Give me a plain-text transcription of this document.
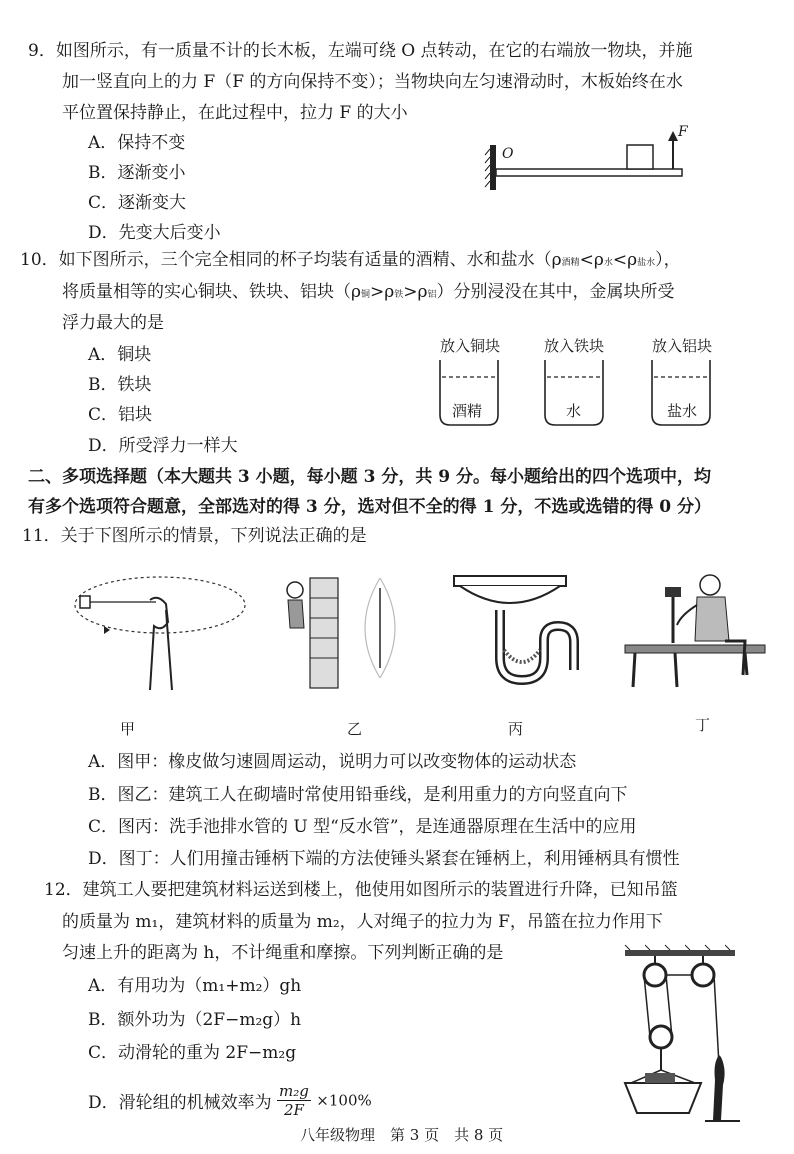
9．如图所示，有一质量不计的长木板，左端可绕 O 点转动，在它的右端放一物块，并施
加一竖直向上的力 F（F 的方向保持不变）；当物块向左匀速滑动时，木板始终在水
平位置保持静止，在此过程中，拉力 F 的大小
A．保持不变
B．逐渐变小
C．逐渐变大
D．先变大后变小
O
F
10．如下图所示，三个完全相同的杯子均装有适量的酒精、水和盐水（ρ酒精<ρ水<ρ盐水），
将质量相等的实心铜块、铁块、铝块（ρ铜>ρ铁>ρ铝）分别浸没在其中，金属块所受
浮力最大的是
A．铜块
B．铁块
C．铝块
D．所受浮力一样大
放入铜块	放入铁块	放入铝块
酒精	水	盐水
二、多项选择题（本大题共 3 小题，每小题 3 分，共 9 分。每小题给出的四个选项中，均
有多个选项符合题意，全部选对的得 3 分，选对但不全的得 1 分，不选或选错的得 0 分）
11．关于下图所示的情景，下列说法正确的是
甲	乙	丙	丁
A．图甲：橡皮做匀速圆周运动，说明力可以改变物体的运动状态
B．图乙：建筑工人在砌墙时常使用铅垂线，是利用重力的方向竖直向下
C．图丙：洗手池排水管的 U 型“反水管”，是连通器原理在生活中的应用
D．图丁：人们用撞击锤柄下端的方法使锤头紧套在锤柄上，利用锤柄具有惯性
12．建筑工人要把建筑材料运送到楼上，他使用如图所示的装置进行升降，已知吊篮
的质量为 m₁，建筑材料的质量为 m₂，人对绳子的拉力为 F，吊篮在拉力作用下
匀速上升的距离为 h，不计绳重和摩擦。下列判断正确的是
A．有用功为（m₁+m₂）gh
B．额外功为（2F−m₂g）h
C．动滑轮的重为 2F−m₂g
D．滑轮组的机械效率为 $\frac{\text{m₂g}}{2F} \times 100\%$
八年级物理　第 3 页　共 8 页
